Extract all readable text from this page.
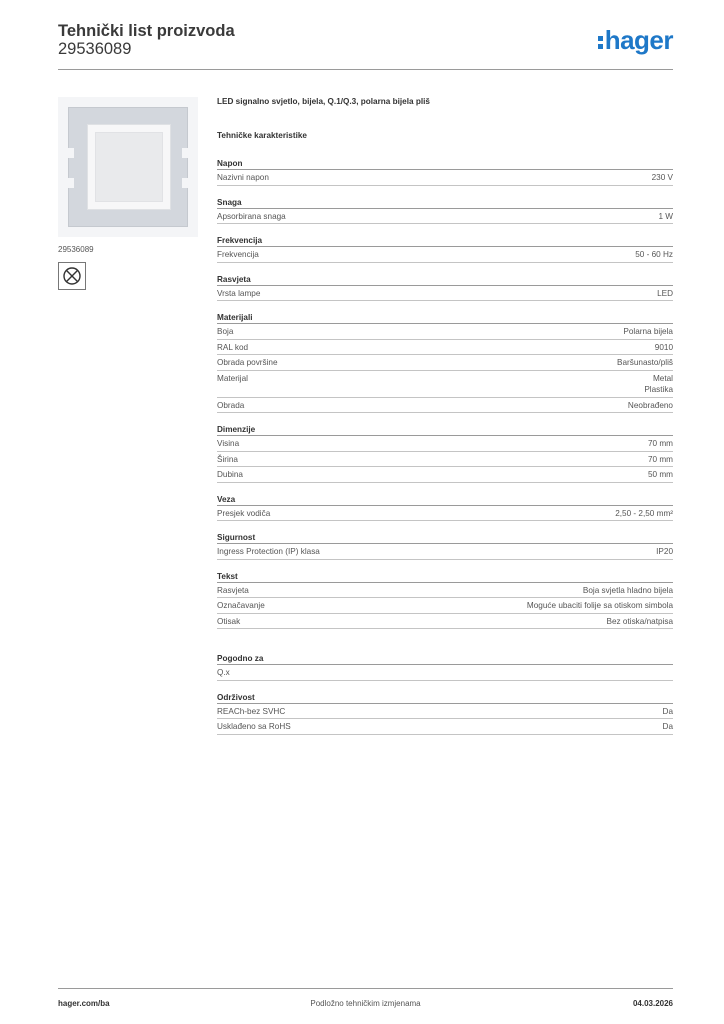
Tehnički list proizvoda
29536089	hager
29536089
LED signalno svjetlo, bijela, Q.1/Q.3, polarna bijela pliš
Tehničke karakteristike
Napon
Nazivni napon	230 V
Snaga
Apsorbirana snaga	1 W
Frekvencija
Frekvencija	50 - 60 Hz
Rasvjeta
Vrsta lampe	LED
Materijali
Boja	Polarna bijela
RAL kod	9010
Obrada površine	Baršunasto/pliš
Materijal	Metal
Plastika
Obrada	Neobrađeno
Dimenzije
Visina	70 mm
Širina	70 mm
Dubina	50 mm
Veza
Presjek vodiča	2,50 - 2,50 mm²
Sigurnost
Ingress Protection (IP) klasa	IP20
Tekst
Rasvjeta	Boja svjetla hladno bijela
Označavanje	Moguće ubaciti folije sa otiskom simbola
Otisak	Bez otiska/natpisa
Pogodno za
Q.x
Održivost
REACh-bez SVHC	Da
Usklađeno sa RoHS	Da
hager.com/ba	Podložno tehničkim izmjenama	04.03.2026
